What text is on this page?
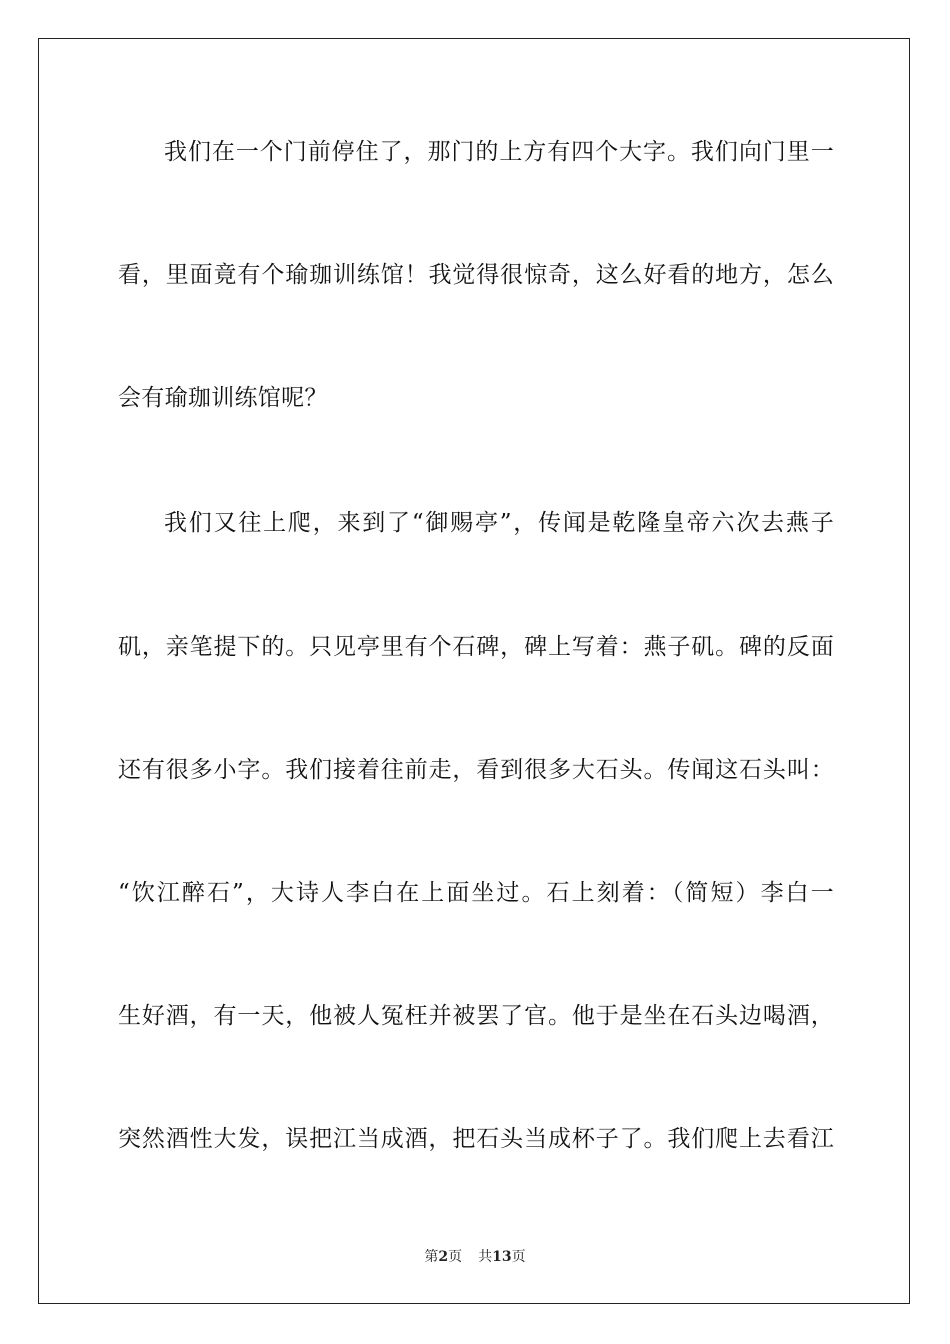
我们在一个门前停住了，那门的上方有四个大字。我们向门里一
看，里面竟有个瑜珈训练馆！我觉得很惊奇，这么好看的地方，怎么
会有瑜珈训练馆呢？
我们又往上爬，来到了“御赐亭”，传闻是乾隆皇帝六次去燕子
矶，亲笔提下的。只见亭里有个石碑，碑上写着：燕子矶。碑的反面
还有很多小字。我们接着往前走，看到很多大石头。传闻这石头叫：
“饮江醉石”，大诗人李白在上面坐过。石上刻着：（简短）李白一
生好酒，有一天，他被人冤枉并被罢了官。他于是坐在石头边喝酒，
突然酒性大发，误把江当成酒，把石头当成杯子了。我们爬上去看江
第2页 共13页
